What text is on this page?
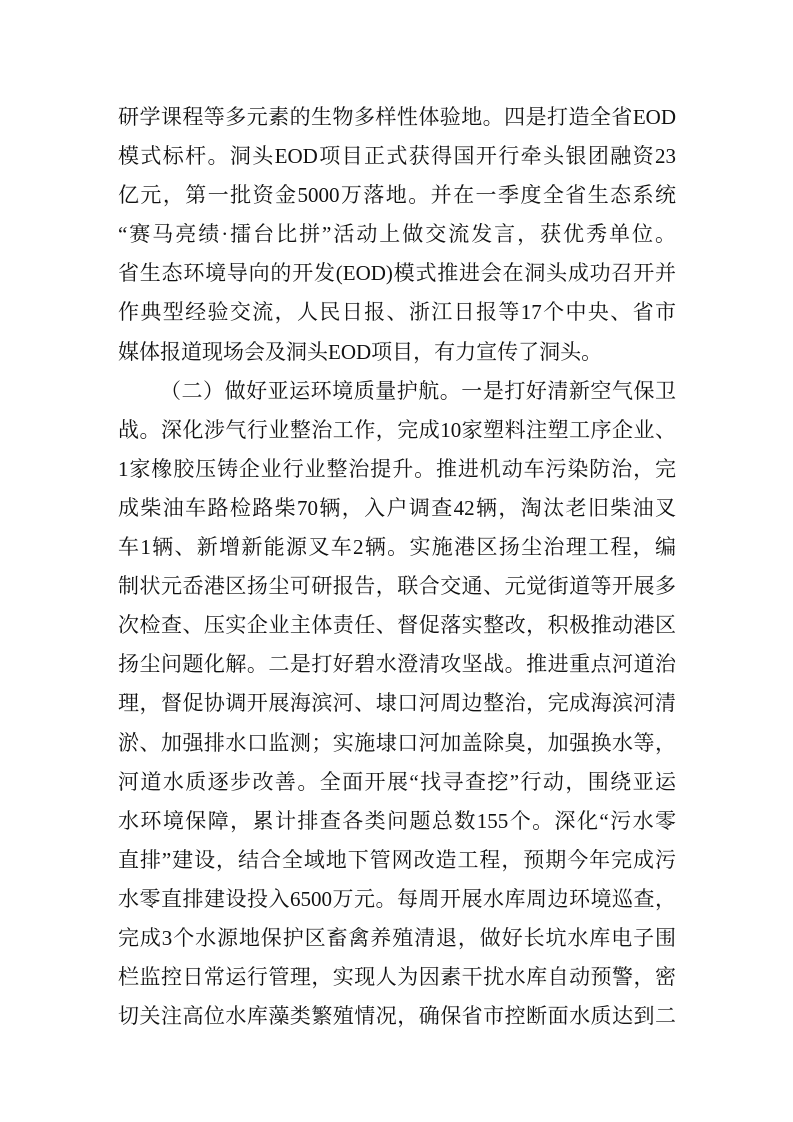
研学课程等多元素的生物多样性体验地。四是打造全省EOD
模式标杆。洞头EOD项目正式获得国开行牵头银团融资23
亿元，第一批资金5000万落地。并在一季度全省生态系统
“赛马亮绩·擂台比拼”活动上做交流发言，获优秀单位。
省生态环境导向的开发(EOD)模式推进会在洞头成功召开并
作典型经验交流，人民日报、浙江日报等17个中央、省市
媒体报道现场会及洞头EOD项目，有力宣传了洞头。
（二）做好亚运环境质量护航。一是打好清新空气保卫
战。深化涉气行业整治工作，完成10家塑料注塑工序企业、
1家橡胶压铸企业行业整治提升。推进机动车污染防治，完
成柴油车路检路柴70辆，入户调查42辆，淘汰老旧柴油叉
车1辆、新增新能源叉车2辆。实施港区扬尘治理工程，编
制状元岙港区扬尘可研报告，联合交通、元觉街道等开展多
次检查、压实企业主体责任、督促落实整改，积极推动港区
扬尘问题化解。二是打好碧水澄清攻坚战。推进重点河道治
理，督促协调开展海滨河、埭口河周边整治，完成海滨河清
淤、加强排水口监测；实施埭口河加盖除臭，加强换水等，
河道水质逐步改善。全面开展“找寻查挖”行动，围绕亚运
水环境保障，累计排查各类问题总数155个。深化“污水零
直排”建设，结合全域地下管网改造工程，预期今年完成污
水零直排建设投入6500万元。每周开展水库周边环境巡查，
完成3个水源地保护区畜禽养殖清退，做好长坑水库电子围
栏监控日常运行管理，实现人为因素干扰水库自动预警，密
切关注高位水库藻类繁殖情况，确保省市控断面水质达到二
